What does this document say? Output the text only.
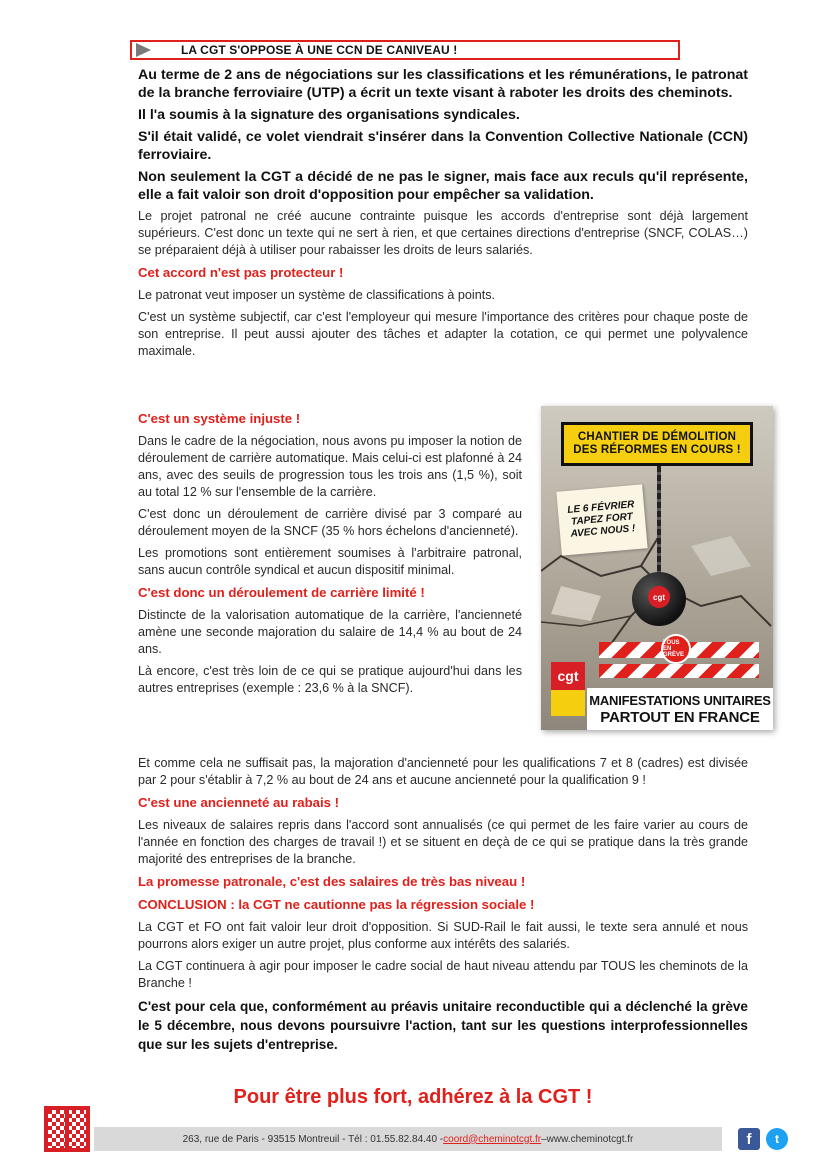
LA CGT S'OPPOSE À UNE CCN DE CANIVEAU !

Au terme de 2 ans de négociations sur les classifications et les rémunérations, le patronat de la branche ferroviaire (UTP) a écrit un texte visant à raboter les droits des cheminots.

Il l'a soumis à la signature des organisations syndicales.

S'il était validé, ce volet viendrait s'insérer dans la Convention Collective Nationale (CCN) ferroviaire.

Non seulement la CGT a décidé de ne pas le signer, mais face aux reculs qu'il représente, elle a fait valoir son droit d'opposition pour empêcher sa validation.

Le projet patronal ne créé aucune contrainte puisque les accords d'entreprise sont déjà largement supérieurs. C'est donc un texte qui ne sert à rien, et que certaines directions d'entreprise (SNCF, COLAS…) se préparaient déjà à utiliser pour rabaisser les droits de leurs salariés.

Cet accord n'est pas protecteur !

Le patronat veut imposer un système de classifications à points.

C'est un système subjectif, car c'est l'employeur qui mesure l'importance des critères pour chaque poste de son entreprise. Il peut aussi ajouter des tâches et adapter la cotation, ce qui permet une polyvalence maximale.

C'est un système injuste !

Dans le cadre de la négociation, nous avons pu imposer la notion de déroulement de carrière automatique. Mais celui-ci est plafonné à 24 ans, avec des seuils de progression tous les trois ans (1,5 %), soit au total 12 % sur l'ensemble de la carrière.

C'est donc un déroulement de carrière divisé par 3 comparé au déroulement moyen de la SNCF (35 % hors échelons d'ancienneté).

Les promotions sont entièrement soumises à l'arbitraire patronal, sans aucun contrôle syndical et aucun dispositif minimal.

C'est donc un déroulement de carrière limité !

Distincte de la valorisation automatique de la carrière, l'ancienneté amène une seconde majoration du salaire de 14,4 % au bout de 24 ans.

Là encore, c'est très loin de ce qui se pratique aujourd'hui dans les autres entreprises (exemple : 23,6 % à la SNCF).

CHANTIER DE DÉMOLITION
DES RÉFORMES EN COURS !
LE 6 FÉVRIER
TAPEZ FORT
AVEC NOUS !
cgt
TOUS EN GRÈVE
cgt
MANIFESTATIONS UNITAIRES
PARTOUT EN FRANCE

Et comme cela ne suffisait pas, la majoration d'ancienneté pour les qualifications 7 et 8 (cadres) est divisée par 2 pour s'établir à 7,2 % au bout de 24 ans et aucune ancienneté pour la qualification 9 !

C'est une ancienneté au rabais !

Les niveaux de salaires repris dans l'accord sont annualisés (ce qui permet de les faire varier au cours de l'année en fonction des charges de travail !) et se situent en deçà de ce qui se pratique dans la très grande majorité des entreprises de la branche.

La promesse patronale, c'est des salaires de très bas niveau !

CONCLUSION : la CGT ne cautionne pas la régression sociale !

La CGT et FO ont fait valoir leur droit d'opposition. Si SUD-Rail le fait aussi, le texte sera annulé et nous pourrons alors exiger un autre projet, plus conforme aux intérêts des salariés.

La CGT continuera à agir pour imposer le cadre social de haut niveau attendu par TOUS les cheminots de la Branche !

C'est pour cela que, conformément au préavis unitaire reconductible qui a déclenché la grève le 5 décembre, nous devons poursuivre l'action, tant sur les questions interprofessionnelles que sur les sujets d'entreprise.

Pour être plus fort, adhérez à la CGT !
263, rue de Paris - 93515 Montreuil - Tél : 01.55.82.84.40 - coord@cheminotcgt.fr – www.cheminotcgt.fr	f	t
